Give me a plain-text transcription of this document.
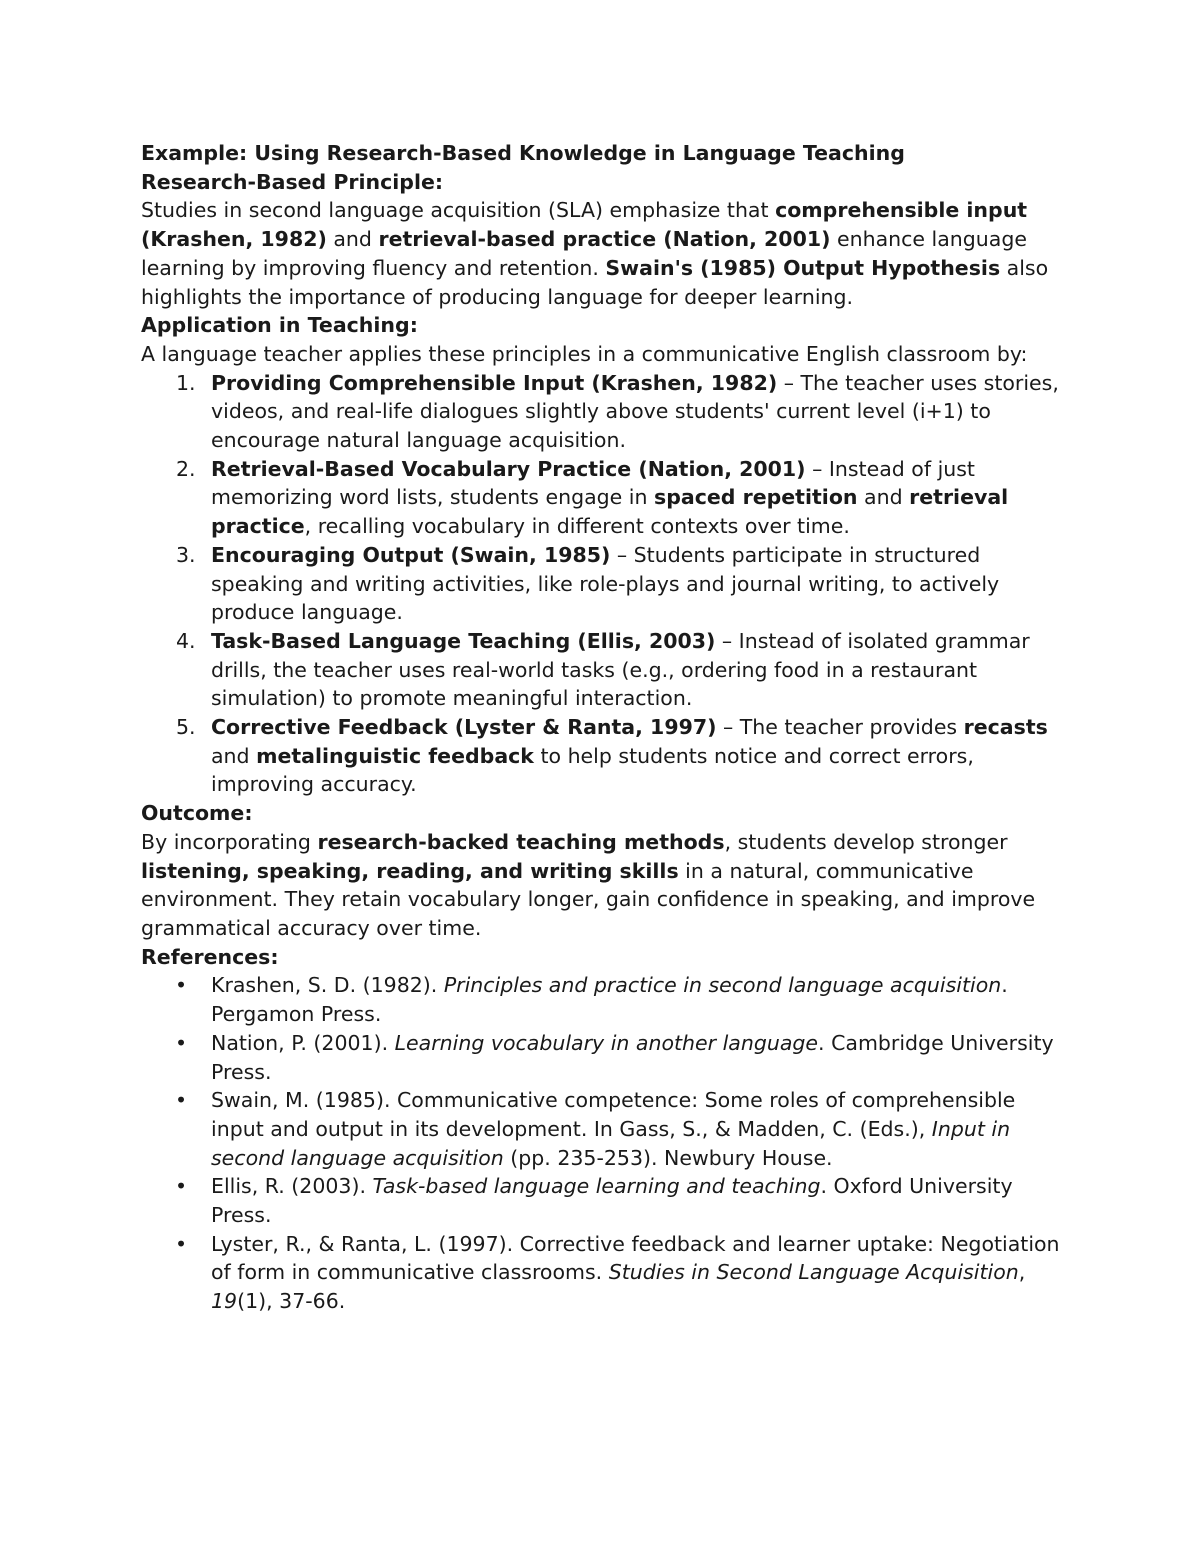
Example: Using Research-Based Knowledge in Language Teaching
Research-Based Principle:

Studies in second language acquisition (SLA) emphasize that comprehensible input (Krashen, 1982) and retrieval-based practice (Nation, 2001) enhance language learning by improving fluency and retention. Swain's (1985) Output Hypothesis also highlights the importance of producing language for deeper learning.

Application in Teaching:

A language teacher applies these principles in a communicative English classroom by:

1. Providing Comprehensible Input (Krashen, 1982) – The teacher uses stories, videos, and real-life dialogues slightly above students' current level (i+1) to encourage natural language acquisition.
2. Retrieval-Based Vocabulary Practice (Nation, 2001) – Instead of just memorizing word lists, students engage in spaced repetition and retrieval practice, recalling vocabulary in different contexts over time.
3. Encouraging Output (Swain, 1985) – Students participate in structured speaking and writing activities, like role-plays and journal writing, to actively produce language.
4. Task-Based Language Teaching (Ellis, 2003) – Instead of isolated grammar drills, the teacher uses real-world tasks (e.g., ordering food in a restaurant simulation) to promote meaningful interaction.
5. Corrective Feedback (Lyster & Ranta, 1997) – The teacher provides recasts and metalinguistic feedback to help students notice and correct errors, improving accuracy.
Outcome:

By incorporating research-backed teaching methods, students develop stronger listening, speaking, reading, and writing skills in a natural, communicative environment. They retain vocabulary longer, gain confidence in speaking, and improve grammatical accuracy over time.

References:
• Krashen, S. D. (1982). Principles and practice in second language acquisition. Pergamon Press.
• Nation, P. (2001). Learning vocabulary in another language. Cambridge University Press.
• Swain, M. (1985). Communicative competence: Some roles of comprehensible input and output in its development. In Gass, S., & Madden, C. (Eds.), Input in second language acquisition (pp. 235-253). Newbury House.
• Ellis, R. (2003). Task-based language learning and teaching. Oxford University Press.
• Lyster, R., & Ranta, L. (1997). Corrective feedback and learner uptake: Negotiation of form in communicative classrooms. Studies in Second Language Acquisition, 19(1), 37-66.
